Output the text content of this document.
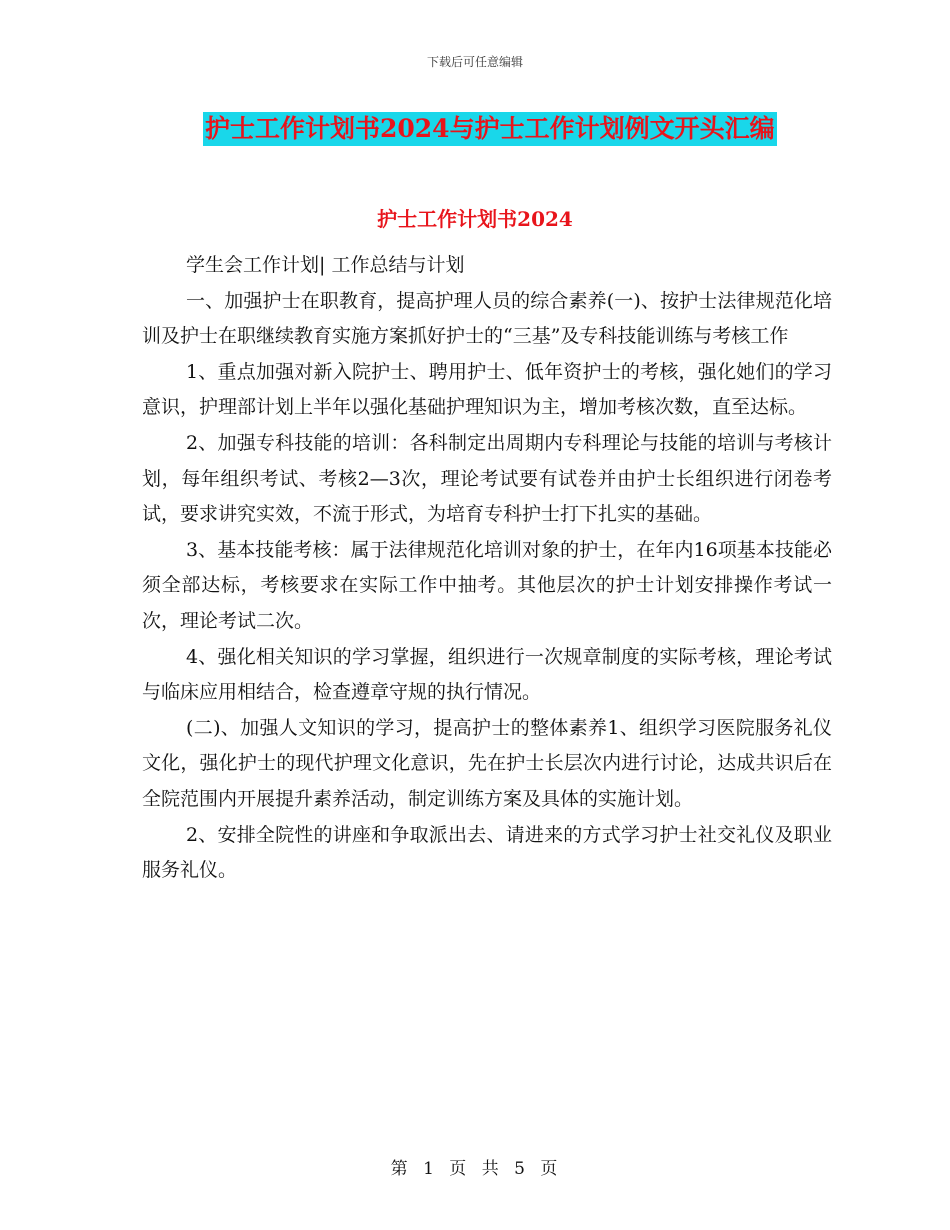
下载后可任意编辑
护士工作计划书2024与护士工作计划例文开头汇编
护士工作计划书2024

学生会工作计划| 工作总结与计划

一、加强护士在职教育，提高护理人员的综合素养(一)、按护士法律规范化培训及护士在职继续教育实施方案抓好护士的“三基”及专科技能训练与考核工作

1、重点加强对新入院护士、聘用护士、低年资护士的考核，强化她们的学习意识，护理部计划上半年以强化基础护理知识为主，增加考核次数，直至达标。

2、加强专科技能的培训：各科制定出周期内专科理论与技能的培训与考核计划，每年组织考试、考核2—3次，理论考试要有试卷并由护士长组织进行闭卷考试，要求讲究实效，不流于形式，为培育专科护士打下扎实的基础。

3、基本技能考核：属于法律规范化培训对象的护士，在年内16项基本技能必须全部达标，考核要求在实际工作中抽考。其他层次的护士计划安排操作考试一次，理论考试二次。

4、强化相关知识的学习掌握，组织进行一次规章制度的实际考核，理论考试与临床应用相结合，检查遵章守规的执行情况。

(二)、加强人文知识的学习，提高护士的整体素养1、组织学习医院服务礼仪文化，强化护士的现代护理文化意识，先在护士长层次内进行讨论，达成共识后在全院范围内开展提升素养活动，制定训练方案及具体的实施计划。

2、安排全院性的讲座和争取派出去、请进来的方式学习护士社交礼仪及职业服务礼仪。

第 1 页 共 5 页
